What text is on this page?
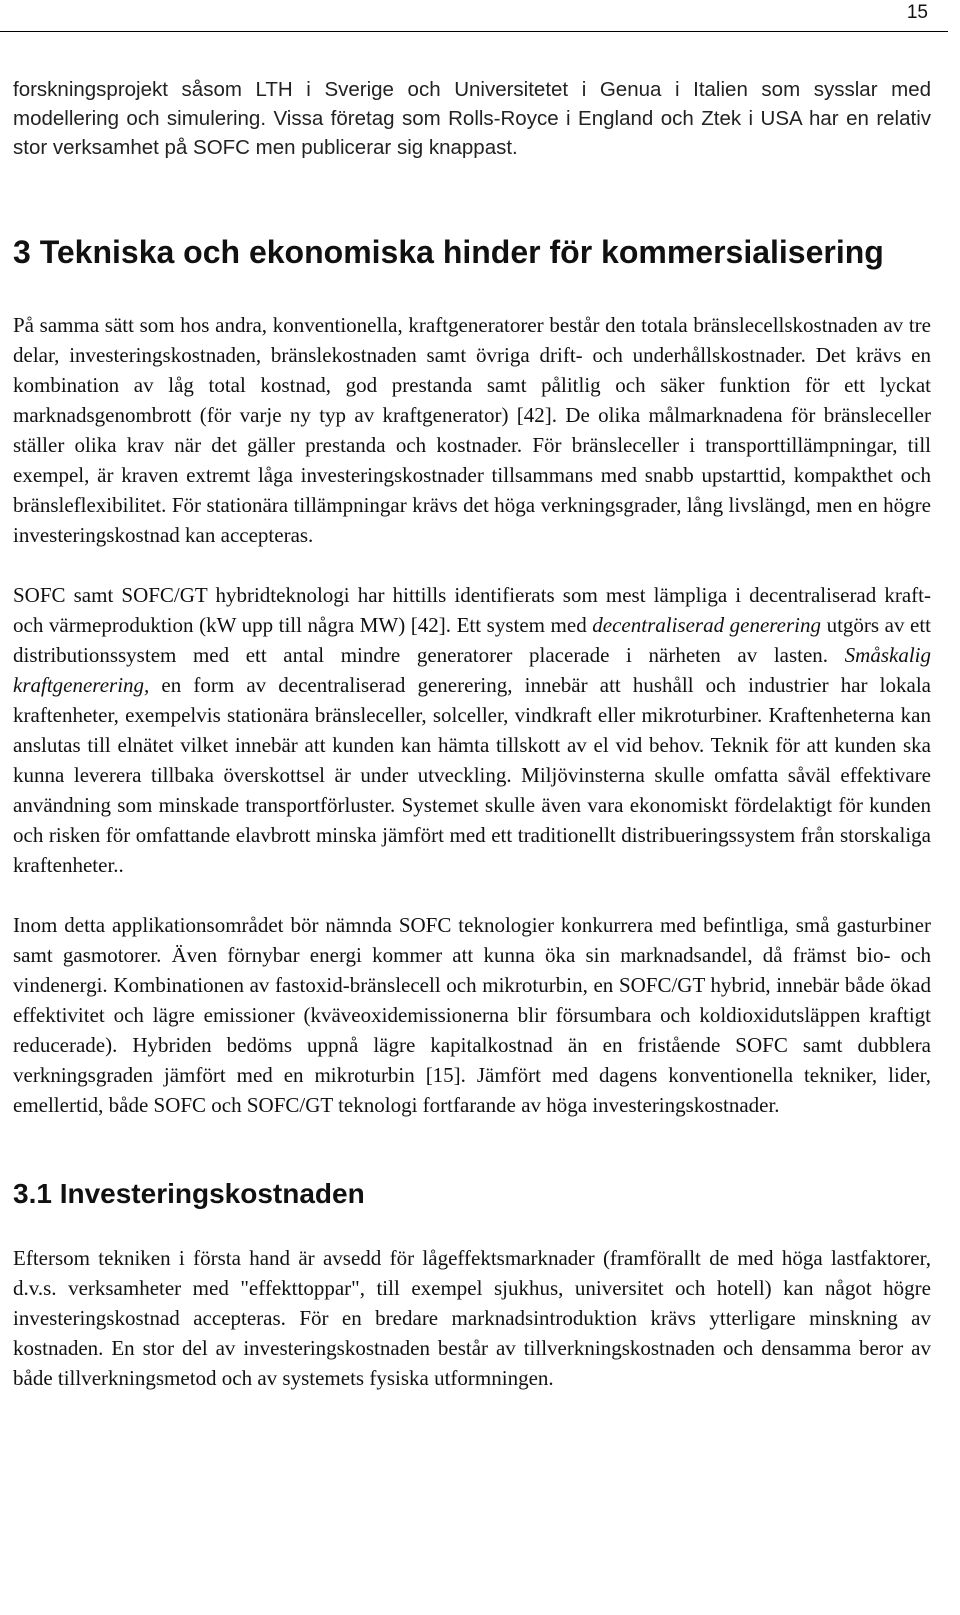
15

forskningsprojekt såsom LTH i Sverige och Universitetet i Genua i Italien som sysslar med modellering och simulering. Vissa företag som Rolls-Royce i England och Ztek i USA har en relativ stor verksamhet på SOFC men publicerar sig knappast.

3 Tekniska och ekonomiska hinder för kommersialisering

På samma sätt som hos andra, konventionella, kraftgeneratorer består den totala bränslecellskostnaden av tre delar, investeringskostnaden, bränslekostnaden samt övriga drift- och underhållskostnader. Det krävs en kombination av låg total kostnad, god prestanda samt pålitlig och säker funktion för ett lyckat marknadsgenombrott (för varje ny typ av kraftgenerator) [42]. De olika målmarknadena för bränsleceller ställer olika krav när det gäller prestanda och kostnader. För bränsleceller i transporttillämpningar, till exempel, är kraven extremt låga investeringskostnader tillsammans med snabb upstarttid, kompakthet och bränsleflexibilitet. För stationära tillämpningar krävs det höga verkningsgrader, lång livslängd, men en högre investeringskostnad kan accepteras.

SOFC samt SOFC/GT hybridteknologi har hittills identifierats som mest lämpliga i decentraliserad kraft- och värmeproduktion (kW upp till några MW) [42]. Ett system med decentraliserad generering utgörs av ett distributionssystem med ett antal mindre generatorer placerade i närheten av lasten. Småskalig kraftgenerering, en form av decentraliserad generering, innebär att hushåll och industrier har lokala kraftenheter, exempelvis stationära bränsleceller, solceller, vindkraft eller mikroturbiner. Kraftenheterna kan anslutas till elnätet vilket innebär att kunden kan hämta tillskott av el vid behov. Teknik för att kunden ska kunna leverera tillbaka överskottsel är under utveckling. Miljövinsterna skulle omfatta såväl effektivare användning som minskade transportförluster. Systemet skulle även vara ekonomiskt fördelaktigt för kunden och risken för omfattande elavbrott minska jämfört med ett traditionellt distribueringssystem från storskaliga kraftenheter..

Inom detta applikationsområdet bör nämnda SOFC teknologier konkurrera med befintliga, små gasturbiner samt gasmotorer. Även förnybar energi kommer att kunna öka sin marknadsandel, då främst bio- och vindenergi. Kombinationen av fastoxid-bränslecell och mikroturbin, en SOFC/GT hybrid, innebär både ökad effektivitet och lägre emissioner (kväveoxidemissionerna blir försumbara och koldioxidutsläppen kraftigt reducerade). Hybriden bedöms uppnå lägre kapitalkostnad än en fristående SOFC samt dubblera verkningsgraden jämfört med en mikroturbin [15]. Jämfört med dagens konventionella tekniker, lider, emellertid, både SOFC och SOFC/GT teknologi fortfarande av höga investeringskostnader.

3.1 Investeringskostnaden

Eftersom tekniken i första hand är avsedd för lågeffektsmarknader (framförallt de med höga lastfaktorer, d.v.s. verksamheter med "effekttoppar", till exempel sjukhus, universitet och hotell) kan något högre investeringskostnad accepteras. För en bredare marknadsintroduktion krävs ytterligare minskning av kostnaden. En stor del av investeringskostnaden består av tillverkningskostnaden och densamma beror av både tillverkningsmetod och av systemets fysiska utformningen.
